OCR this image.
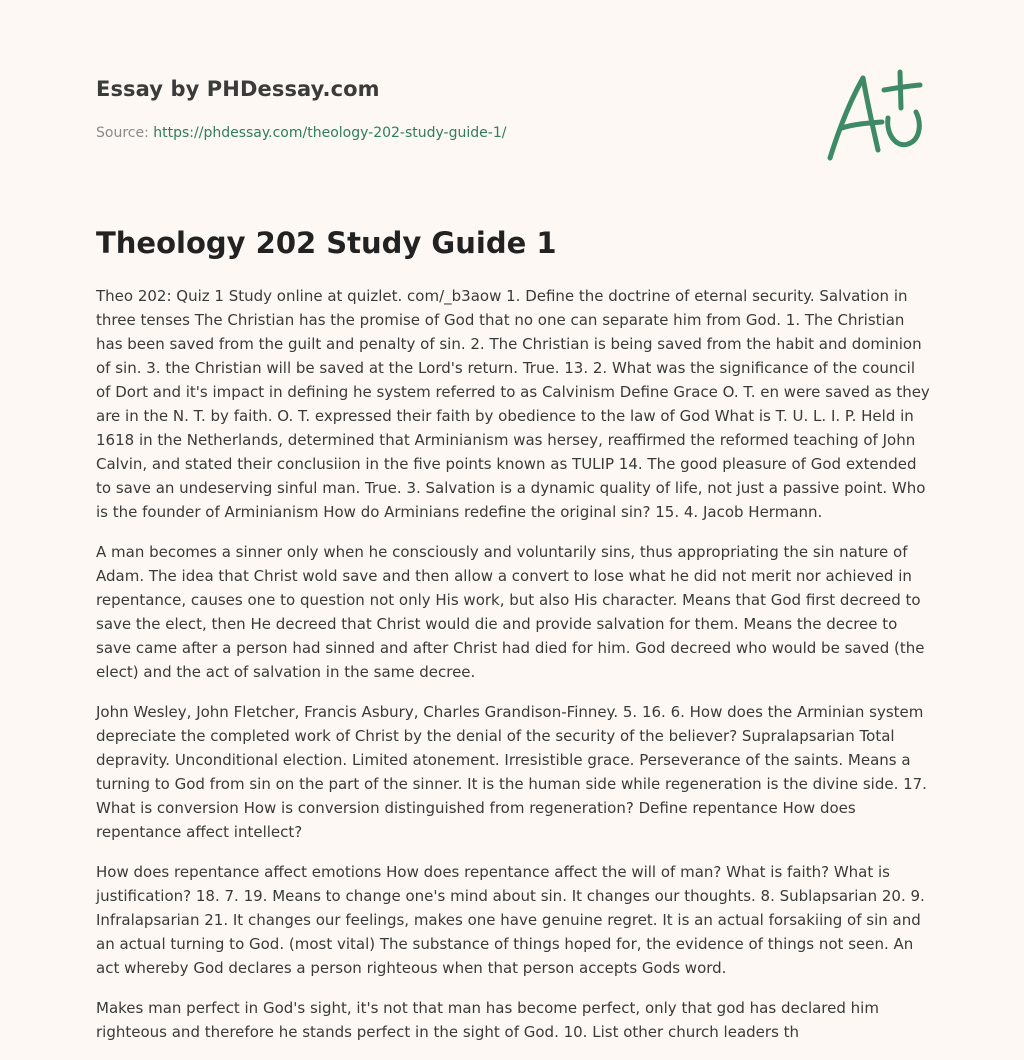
Essay by PHDessay.com
Source: https://phdessay.com/theology-202-study-guide-1/
Theology 202 Study Guide 1

Theo 202: Quiz 1 Study online at quizlet. com/_b3aow 1. Define the doctrine of eternal security. Salvation in three tenses The Christian has the promise of God that no one can separate him from God. 1. The Christian has been saved from the guilt and penalty of sin. 2. The Christian is being saved from the habit and dominion of sin. 3. the Christian will be saved at the Lord's return. True. 13. 2. What was the significance of the council of Dort and it's impact in defining he system referred to as Calvinism Define Grace O. T. en were saved as they are in the N. T. by faith. O. T. expressed their faith by obedience to the law of God What is T. U. L. I. P. Held in 1618 in the Netherlands, determined that Arminianism was hersey, reaffirmed the reformed teaching of John Calvin, and stated their conclusiion in the five points known as TULIP 14. The good pleasure of God extended to save an undeserving sinful man. True. 3. Salvation is a dynamic quality of life, not just a passive point. Who is the founder of Arminianism How do Arminians redefine the original sin? 15. 4. Jacob Hermann.

A man becomes a sinner only when he consciously and voluntarily sins, thus appropriating the sin nature of Adam. The idea that Christ wold save and then allow a convert to lose what he did not merit nor achieved in repentance, causes one to question not only His work, but also His character. Means that God first decreed to save the elect, then He decreed that Christ would die and provide salvation for them. Means the decree to save came after a person had sinned and after Christ had died for him. God decreed who would be saved (the elect) and the act of salvation in the same decree.

John Wesley, John Fletcher, Francis Asbury, Charles Grandison-Finney. 5. 16. 6. How does the Arminian system depreciate the completed work of Christ by the denial of the security of the believer? Supralapsarian Total depravity. Unconditional election. Limited atonement. Irresistible grace. Perseverance of the saints. Means a turning to God from sin on the part of the sinner. It is the human side while regeneration is the divine side. 17. What is conversion How is conversion distinguished from regeneration? Define repentance How does repentance affect intellect?

How does repentance affect emotions How does repentance affect the will of man? What is faith? What is justification? 18. 7. 19. Means to change one's mind about sin. It changes our thoughts. 8. Sublapsarian 20. 9. Infralapsarian 21. It changes our feelings, makes one have genuine regret. It is an actual forsakiing of sin and an actual turning to God. (most vital) The substance of things hoped for, the evidence of things not seen. An act whereby God declares a person righteous when that person accepts Gods word.

Makes man perfect in God's sight, it's not that man has become perfect, only that god has declared him righteous and therefore he stands perfect in the sight of God. 10. List other church leaders th
